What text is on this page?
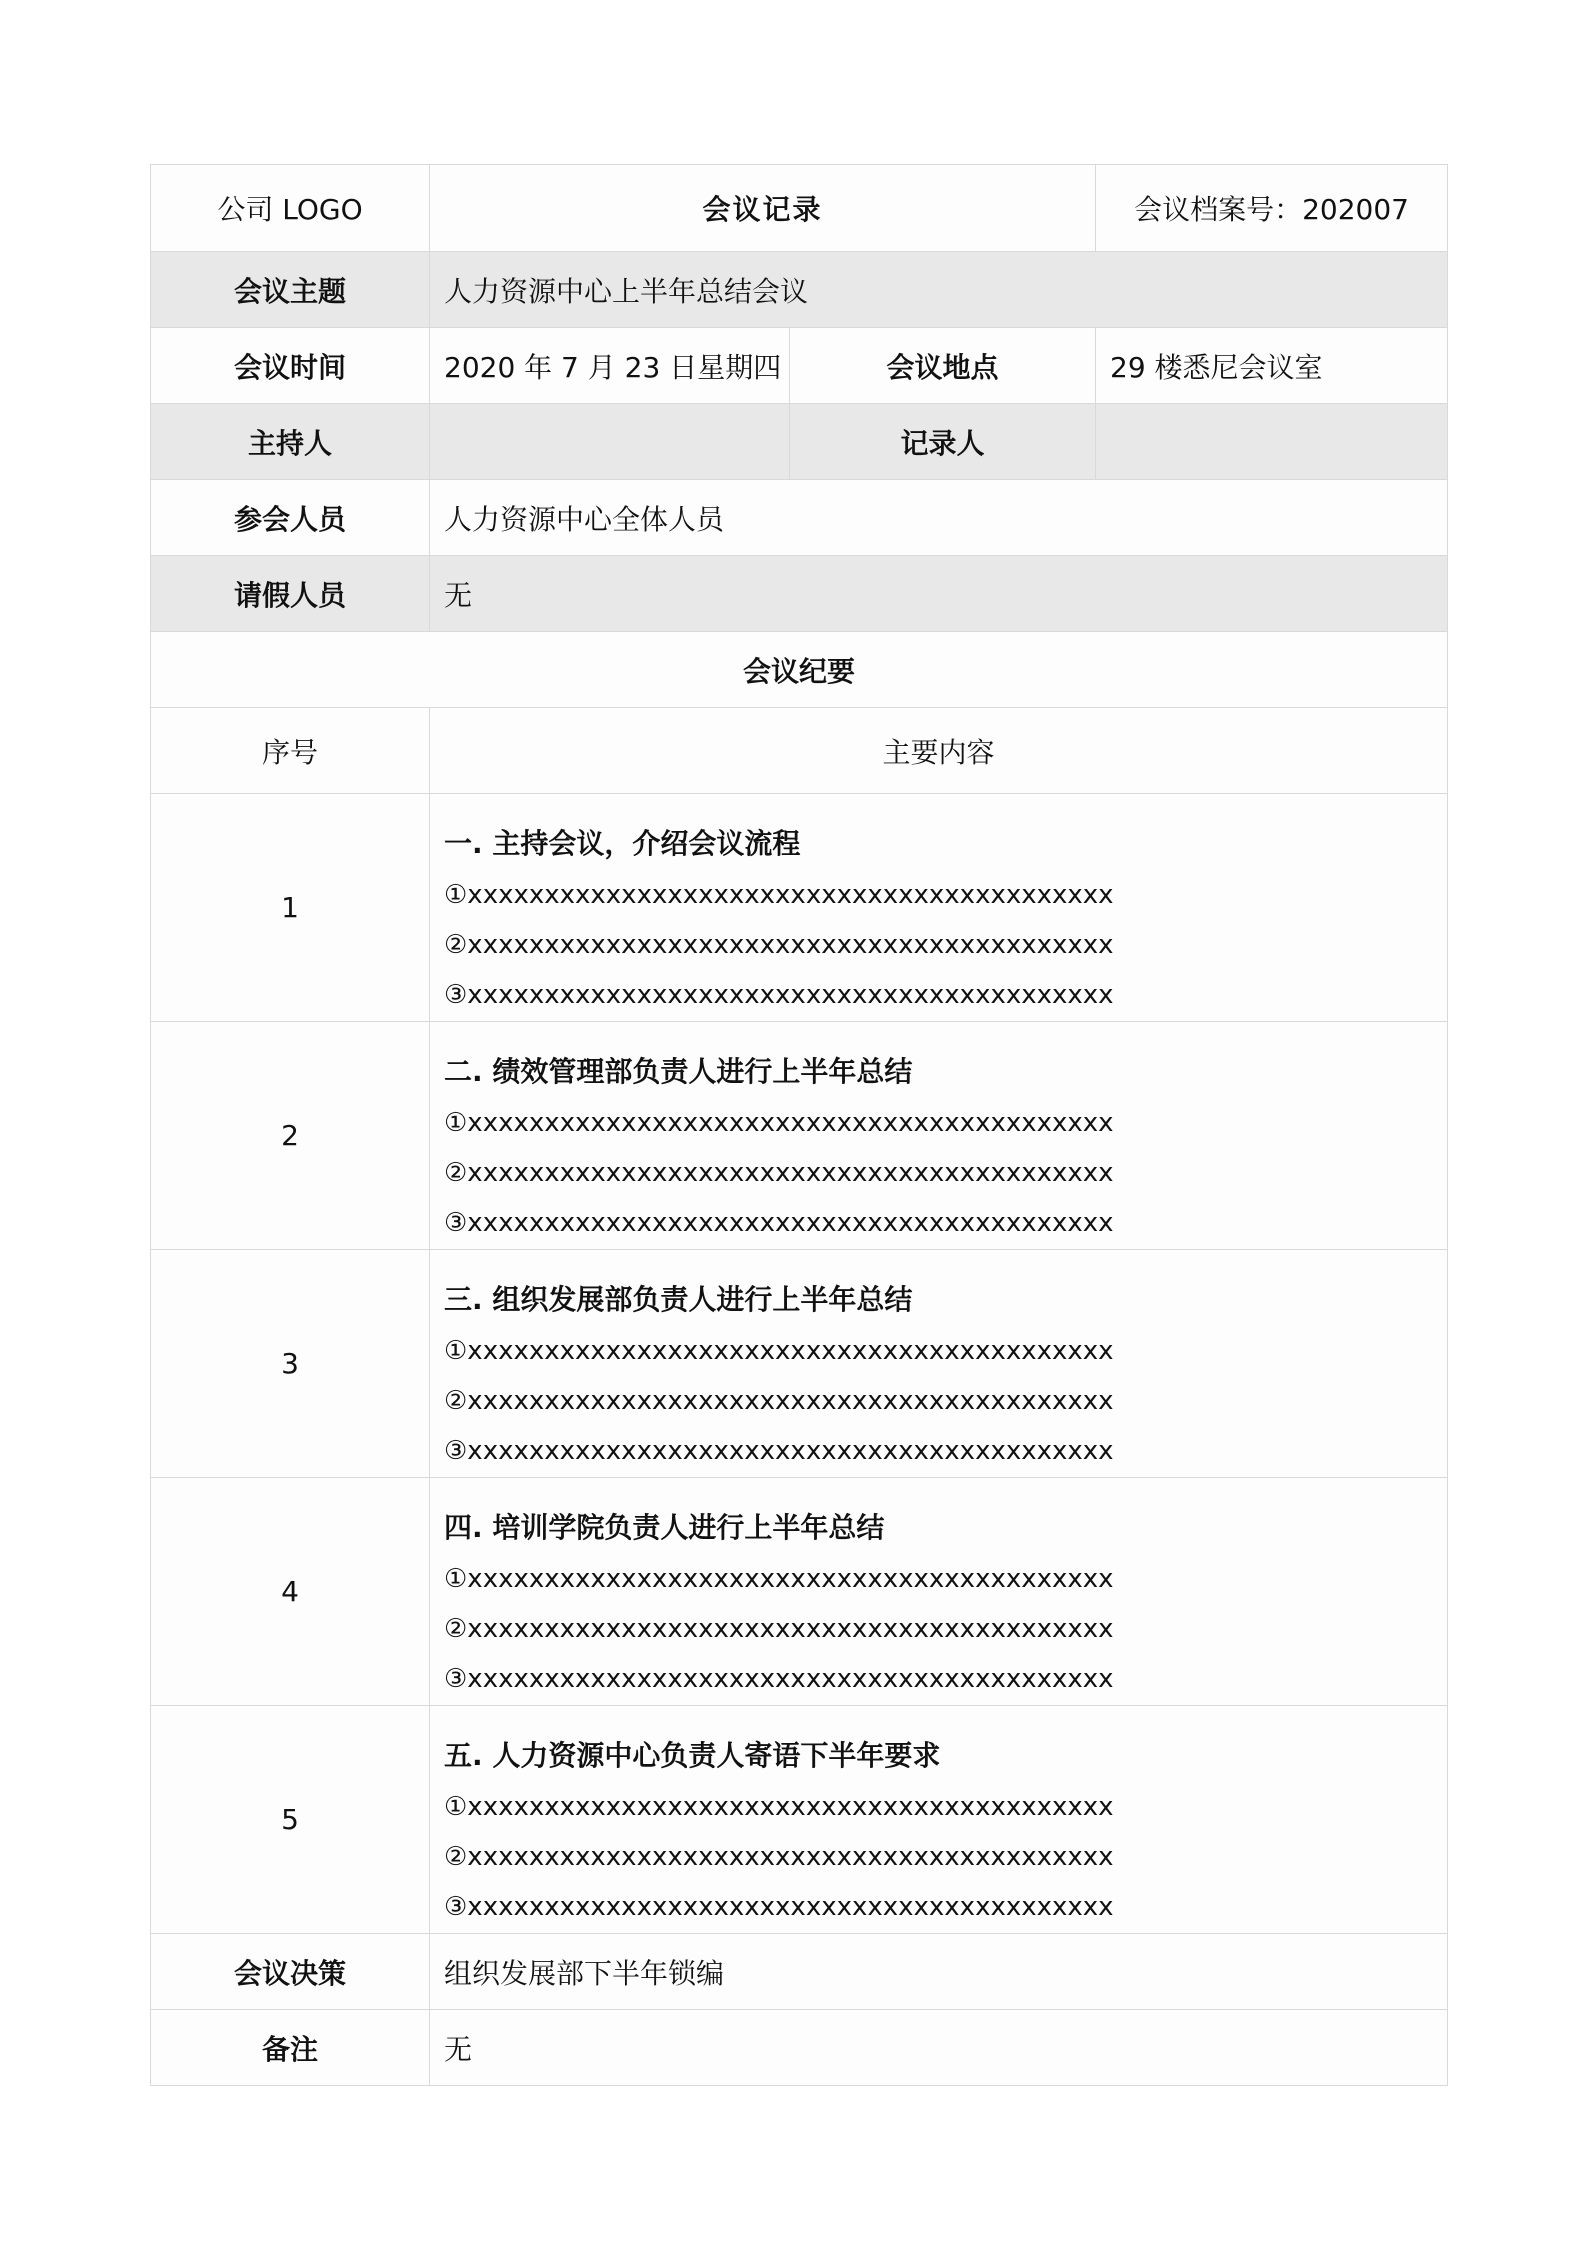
公司 LOGO	会议记录		会议档案号：202007
会议主题	人力资源中心上半年总结会议		
会议时间	2020 年 7 月 23 日星期四	会议地点	29 楼悉尼会议室
主持人		记录人	
参会人员	人力资源中心全体人员		
请假人员	无		
会议纪要			
序号	主要内容		
1	一. 主持会议，介绍会议流程
①xxxxxxxxxxxxxxxxxxxxxxxxxxxxxxxxxxxxxxxxxx
②xxxxxxxxxxxxxxxxxxxxxxxxxxxxxxxxxxxxxxxxxx
③xxxxxxxxxxxxxxxxxxxxxxxxxxxxxxxxxxxxxxxxxx		

2	二. 绩效管理部负责人进行上半年总结
①xxxxxxxxxxxxxxxxxxxxxxxxxxxxxxxxxxxxxxxxxx
②xxxxxxxxxxxxxxxxxxxxxxxxxxxxxxxxxxxxxxxxxx
③xxxxxxxxxxxxxxxxxxxxxxxxxxxxxxxxxxxxxxxxxx		

3	三. 组织发展部负责人进行上半年总结
①xxxxxxxxxxxxxxxxxxxxxxxxxxxxxxxxxxxxxxxxxx
②xxxxxxxxxxxxxxxxxxxxxxxxxxxxxxxxxxxxxxxxxx
③xxxxxxxxxxxxxxxxxxxxxxxxxxxxxxxxxxxxxxxxxx		

4	四. 培训学院负责人进行上半年总结
①xxxxxxxxxxxxxxxxxxxxxxxxxxxxxxxxxxxxxxxxxx
②xxxxxxxxxxxxxxxxxxxxxxxxxxxxxxxxxxxxxxxxxx
③xxxxxxxxxxxxxxxxxxxxxxxxxxxxxxxxxxxxxxxxxx		

5	五. 人力资源中心负责人寄语下半年要求
①xxxxxxxxxxxxxxxxxxxxxxxxxxxxxxxxxxxxxxxxxx
②xxxxxxxxxxxxxxxxxxxxxxxxxxxxxxxxxxxxxxxxxx
③xxxxxxxxxxxxxxxxxxxxxxxxxxxxxxxxxxxxxxxxxx		

会议决策	组织发展部下半年锁编		
备注	无		
